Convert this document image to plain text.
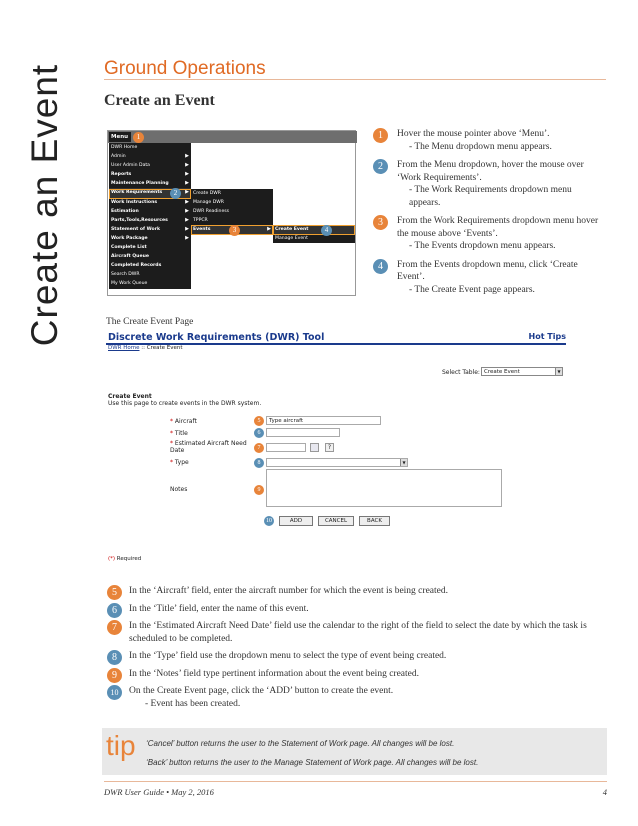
Create an Event Ground Operations
Create an Event
Menu	1
DWR Home
Admin	▶
User Admin Data	▶
Reports	▶
Maintenance Planning	▶
Work Requirements	▶
Work Instructions	▶
Estimation	▶
Parts,Tools,Resources	▶
Statement of Work	▶
Work Package	▶
Complete List
Aircraft Queue
Completed Records
Search DWR
My Work Queue
2	Create DWR
Manage DWR
DWR Readiness
TPPCR
Events	▶
3	Create Event
Manage Event
4
1	Hover the mouse pointer above ‘Menu’.
- The Menu dropdown menu appears.
2	From the Menu dropdown, hover the mouse over ‘Work Requirements’.
- The Work Requirements dropdown menu appears.
3	From the Work Requirements dropdown menu hover the mouse above ‘Events’.
- The Events dropdown menu appears.
4	From the Events dropdown menu, click ‘Create Event’.
- The Create Event page appears.
The Create Event Page
Discrete Work Requirements (DWR) Tool	Hot Tips
DWR Home :: Create Event
Select Table: Create Event	▼
Create Event
Use this page to create events in the DWR system.
* Aircraft	5	Type aircraft
* Title	6
* Estimated Aircraft Need Date	7	?
* Type	8	▼
Notes	9
10	ADD	CANCEL	BACK
(*) Required
5	In the ‘Aircraft’ field, enter the aircraft number for which the event is being created.
6	In the ‘Title’ field, enter the name of this event.
7	In the ‘Estimated Aircraft Need Date’ field use the calendar to the right of the field to select the date by which the task is scheduled to be completed.
8	In the ‘Type’ field use the dropdown menu to select the type of event being created.
9	In the ‘Notes’ field type pertinent information about the event being created.
10	On the Create Event page, click the ‘ADD’ button to create the event.
- Event has been created.
tip ‘Cancel’ button returns the user to the Statement of Work page. All changes will be lost.
‘Back’ button returns the user to the Manage Statement of Work page. All changes will be lost.
DWR User Guide • May 2, 2016	4
